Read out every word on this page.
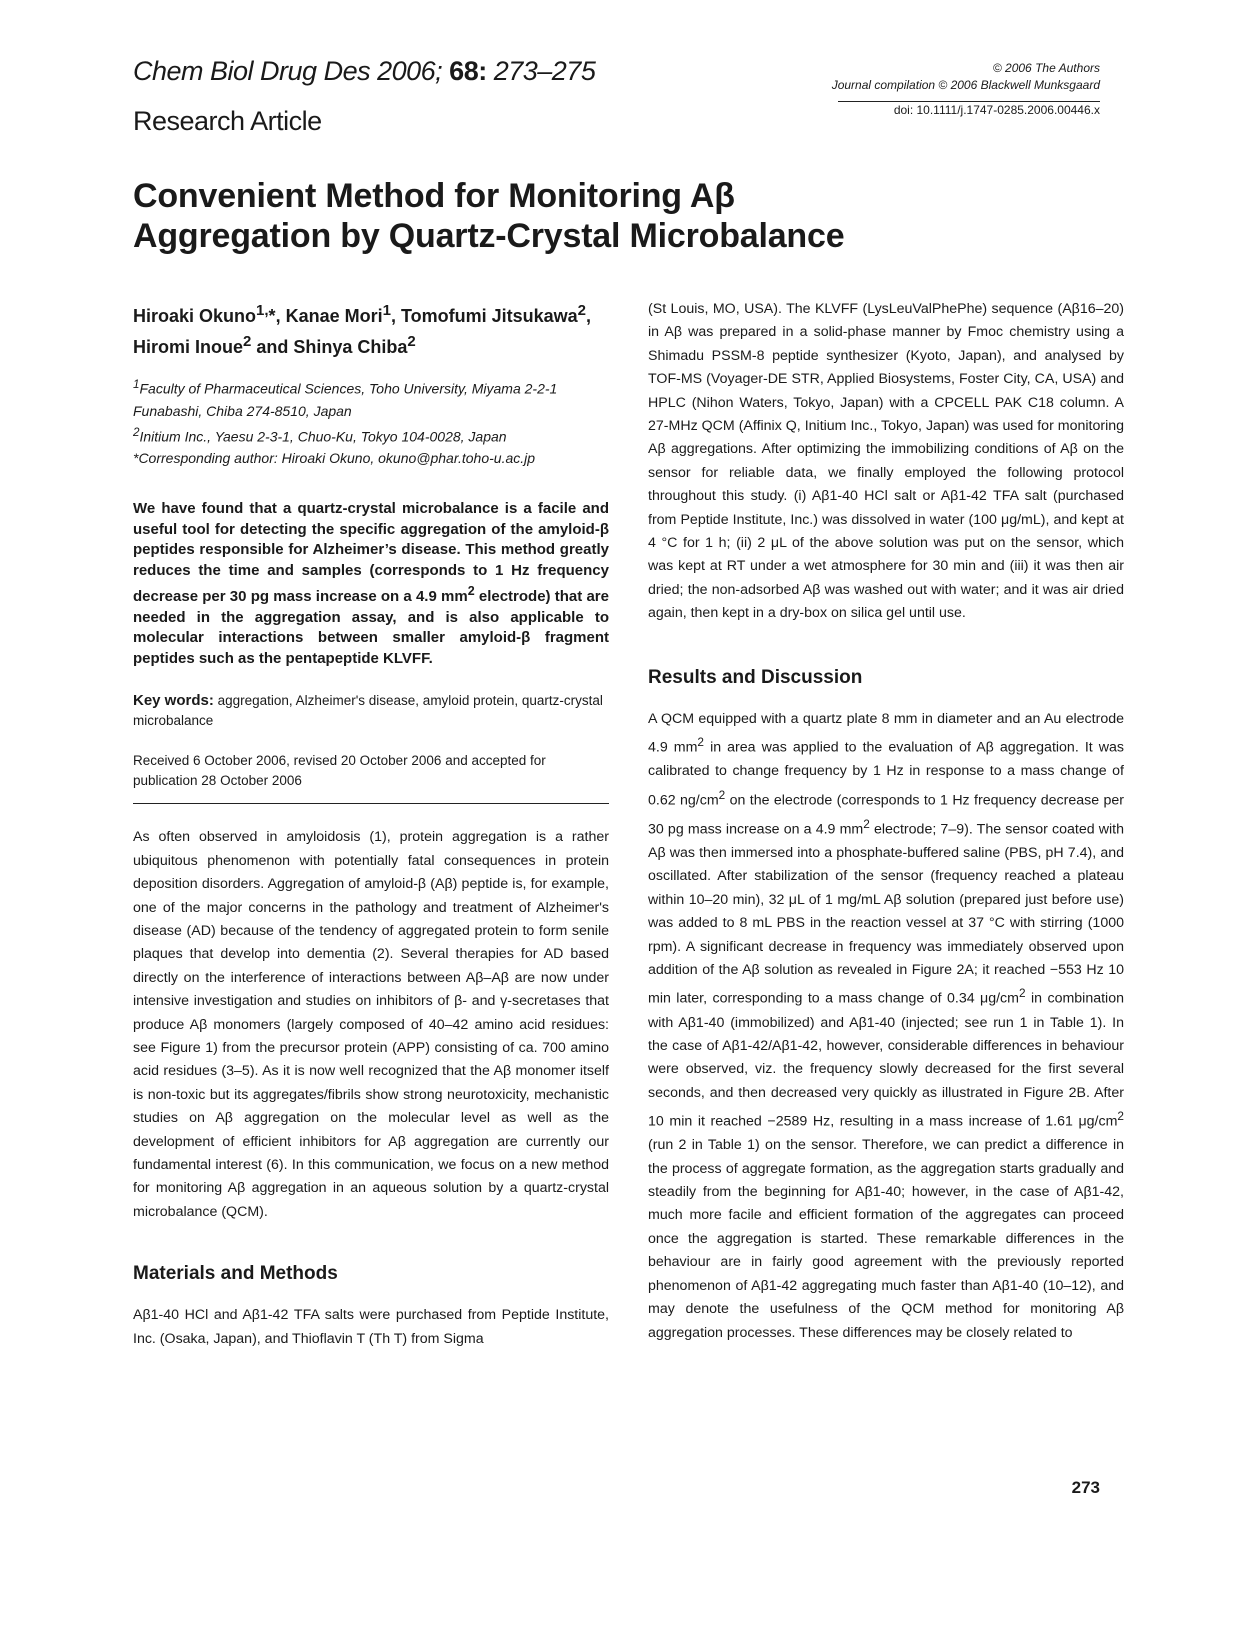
Chem Biol Drug Des 2006; 68: 273–275
Research Article
© 2006 The Authors
Journal compilation © 2006 Blackwell Munksgaard
doi: 10.1111/j.1747-0285.2006.00446.x
Convenient Method for Monitoring Aβ
Aggregation by Quartz-Crystal Microbalance

Hiroaki Okuno$^{1,}$*, Kanae Mori$^1$, Tomofumi Jitsukawa$^2$, Hiromi Inoue$^2$ and Shinya Chiba$^2$

$^1$Faculty of Pharmaceutical Sciences, Toho University, Miyama 2-2-1 Funabashi, Chiba 274-8510, Japan

$^2$Initium Inc., Yaesu 2-3-1, Chuo-Ku, Tokyo 104-0028, Japan

*Corresponding author: Hiroaki Okuno, okuno@phar.toho-u.ac.jp

We have found that a quartz-crystal microbalance is a facile and useful tool for detecting the specific aggregation of the amyloid-β peptides responsible for Alzheimer’s disease. This method greatly reduces the time and samples (corresponds to 1 Hz frequency decrease per 30 pg mass increase on a 4.9 $mm^2$ electrode) that are needed in the aggregation assay, and is also applicable to molecular interactions between smaller amyloid-β fragment peptides such as the pentapeptide KLVFF.

Key words: aggregation, Alzheimer's disease, amyloid protein, quartz-crystal microbalance

Received 6 October 2006, revised 20 October 2006 and accepted for publication 28 October 2006

As often observed in amyloidosis (1), protein aggregation is a rather ubiquitous phenomenon with potentially fatal consequences in protein deposition disorders. Aggregation of amyloid-β (Aβ) peptide is, for example, one of the major concerns in the pathology and treatment of Alzheimer's disease (AD) because of the tendency of aggregated protein to form senile plaques that develop into dementia (2). Several therapies for AD based directly on the interference of interactions between Aβ–Aβ are now under intensive investigation and studies on inhibitors of β- and γ-secretases that produce Aβ monomers (largely composed of 40–42 amino acid residues: see Figure 1) from the precursor protein (APP) consisting of ca. 700 amino acid residues (3–5). As it is now well recognized that the Aβ monomer itself is non-toxic but its aggregates/fibrils show strong neurotoxicity, mechanistic studies on Aβ aggregation on the molecular level as well as the development of efficient inhibitors for Aβ aggregation are currently our fundamental interest (6). In this communication, we focus on a new method for monitoring Aβ aggregation in an aqueous solution by a quartz-crystal microbalance (QCM).

Materials and Methods

Aβ1-40 HCl and Aβ1-42 TFA salts were purchased from Peptide Institute, Inc. (Osaka, Japan), and Thioflavin T (Th T) from Sigma

(St Louis, MO, USA). The KLVFF (LysLeuValPhePhe) sequence (Aβ16–20) in Aβ was prepared in a solid-phase manner by Fmoc chemistry using a Shimadu PSSM-8 peptide synthesizer (Kyoto, Japan), and analysed by TOF-MS (Voyager-DE STR, Applied Biosystems, Foster City, CA, USA) and HPLC (Nihon Waters, Tokyo, Japan) with a CPCELL PAK C18 column. A 27-MHz QCM (Affinix Q, Initium Inc., Tokyo, Japan) was used for monitoring Aβ aggregations. After optimizing the immobilizing conditions of Aβ on the sensor for reliable data, we finally employed the following protocol throughout this study. (i) Aβ1-40 HCl salt or Aβ1-42 TFA salt (purchased from Peptide Institute, Inc.) was dissolved in water (100 μg/mL), and kept at 4 °C for 1 h; (ii) 2 μL of the above solution was put on the sensor, which was kept at RT under a wet atmosphere for 30 min and (iii) it was then air dried; the non-adsorbed Aβ was washed out with water; and it was air dried again, then kept in a dry-box on silica gel until use.

Results and Discussion

A QCM equipped with a quartz plate 8 mm in diameter and an Au electrode 4.9 $mm^2$ in area was applied to the evaluation of Aβ aggregation. It was calibrated to change frequency by 1 Hz in response to a mass change of 0.62 $ng/cm^2$ on the electrode (corresponds to 1 Hz frequency decrease per 30 pg mass increase on a 4.9 $mm^2$ electrode; 7–9). The sensor coated with Aβ was then immersed into a phosphate-buffered saline (PBS, pH 7.4), and oscillated. After stabilization of the sensor (frequency reached a plateau within 10–20 min), 32 μL of 1 mg/mL Aβ solution (prepared just before use) was added to 8 mL PBS in the reaction vessel at 37 °C with stirring (1000 rpm). A significant decrease in frequency was immediately observed upon addition of the Aβ solution as revealed in Figure 2A; it reached −553 Hz 10 min later, corresponding to a mass change of 0.34 $\mu g/cm^2$ in combination with Aβ1-40 (immobilized) and Aβ1-40 (injected; see run 1 in Table 1). In the case of Aβ1-42/Aβ1-42, however, considerable differences in behaviour were observed, viz. the frequency slowly decreased for the first several seconds, and then decreased very quickly as illustrated in Figure 2B. After 10 min it reached −2589 Hz, resulting in a mass increase of 1.61 $\mu g/cm^2$ (run 2 in Table 1) on the sensor. Therefore, we can predict a difference in the process of aggregate formation, as the aggregation starts gradually and steadily from the beginning for Aβ1-40; however, in the case of Aβ1-42, much more facile and efficient formation of the aggregates can proceed once the aggregation is started. These remarkable differences in the behaviour are in fairly good agreement with the previously reported phenomenon of Aβ1-42 aggregating much faster than Aβ1-40 (10–12), and may denote the usefulness of the QCM method for monitoring Aβ aggregation processes. These differences may be closely related to

273
